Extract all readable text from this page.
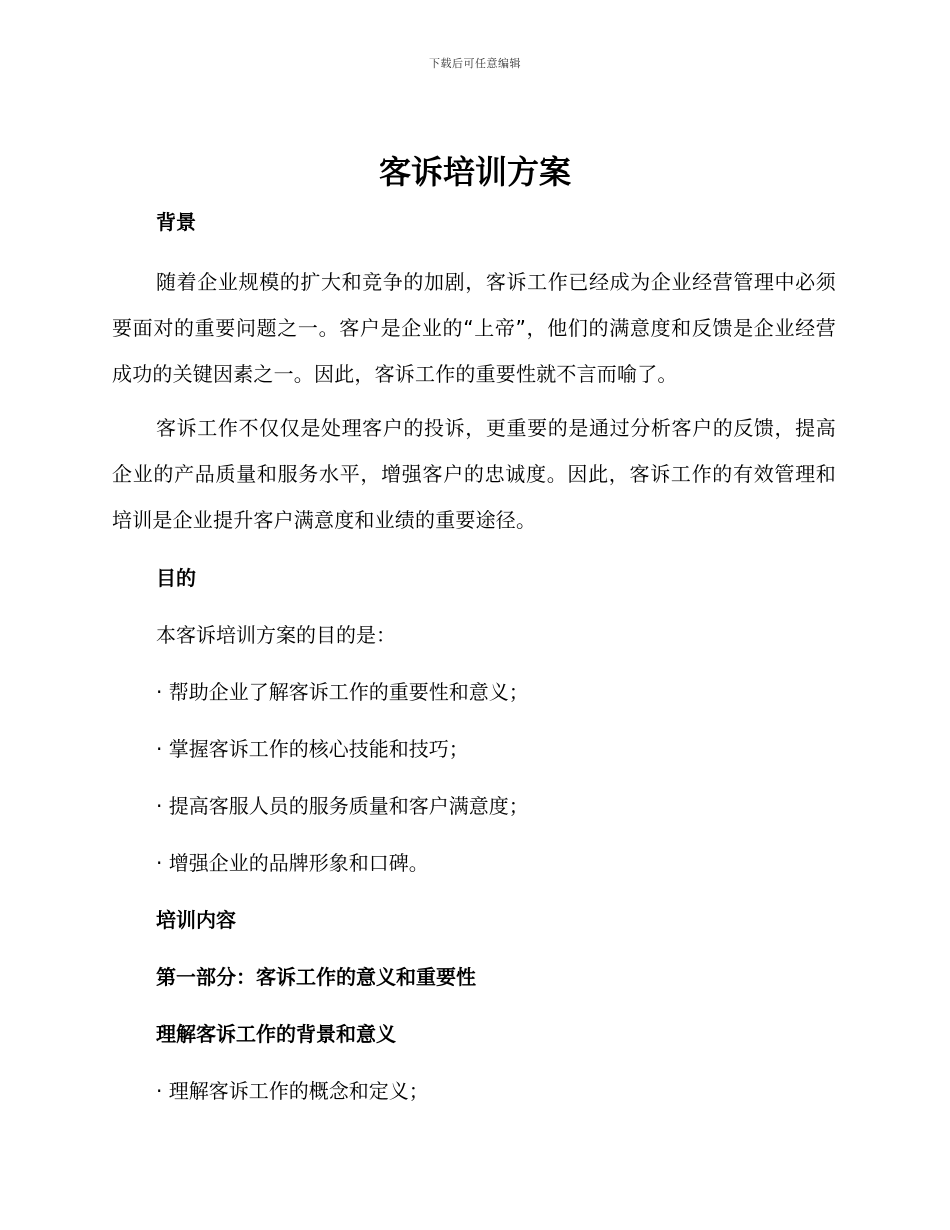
下载后可任意编辑
客诉培训方案

背景

随着企业规模的扩大和竞争的加剧，客诉工作已经成为企业经营管理中必须要面对的重要问题之一。客户是企业的“上帝”，他们的满意度和反馈是企业经营成功的关键因素之一。因此，客诉工作的重要性就不言而喻了。

客诉工作不仅仅是处理客户的投诉，更重要的是通过分析客户的反馈，提高企业的产品质量和服务水平，增强客户的忠诚度。因此，客诉工作的有效管理和培训是企业提升客户满意度和业绩的重要途径。

目的

本客诉培训方案的目的是：

· 帮助企业了解客诉工作的重要性和意义；

· 掌握客诉工作的核心技能和技巧；

· 提高客服人员的服务质量和客户满意度；

· 增强企业的品牌形象和口碑。

培训内容

第一部分：客诉工作的意义和重要性

理解客诉工作的背景和意义

· 理解客诉工作的概念和定义；
